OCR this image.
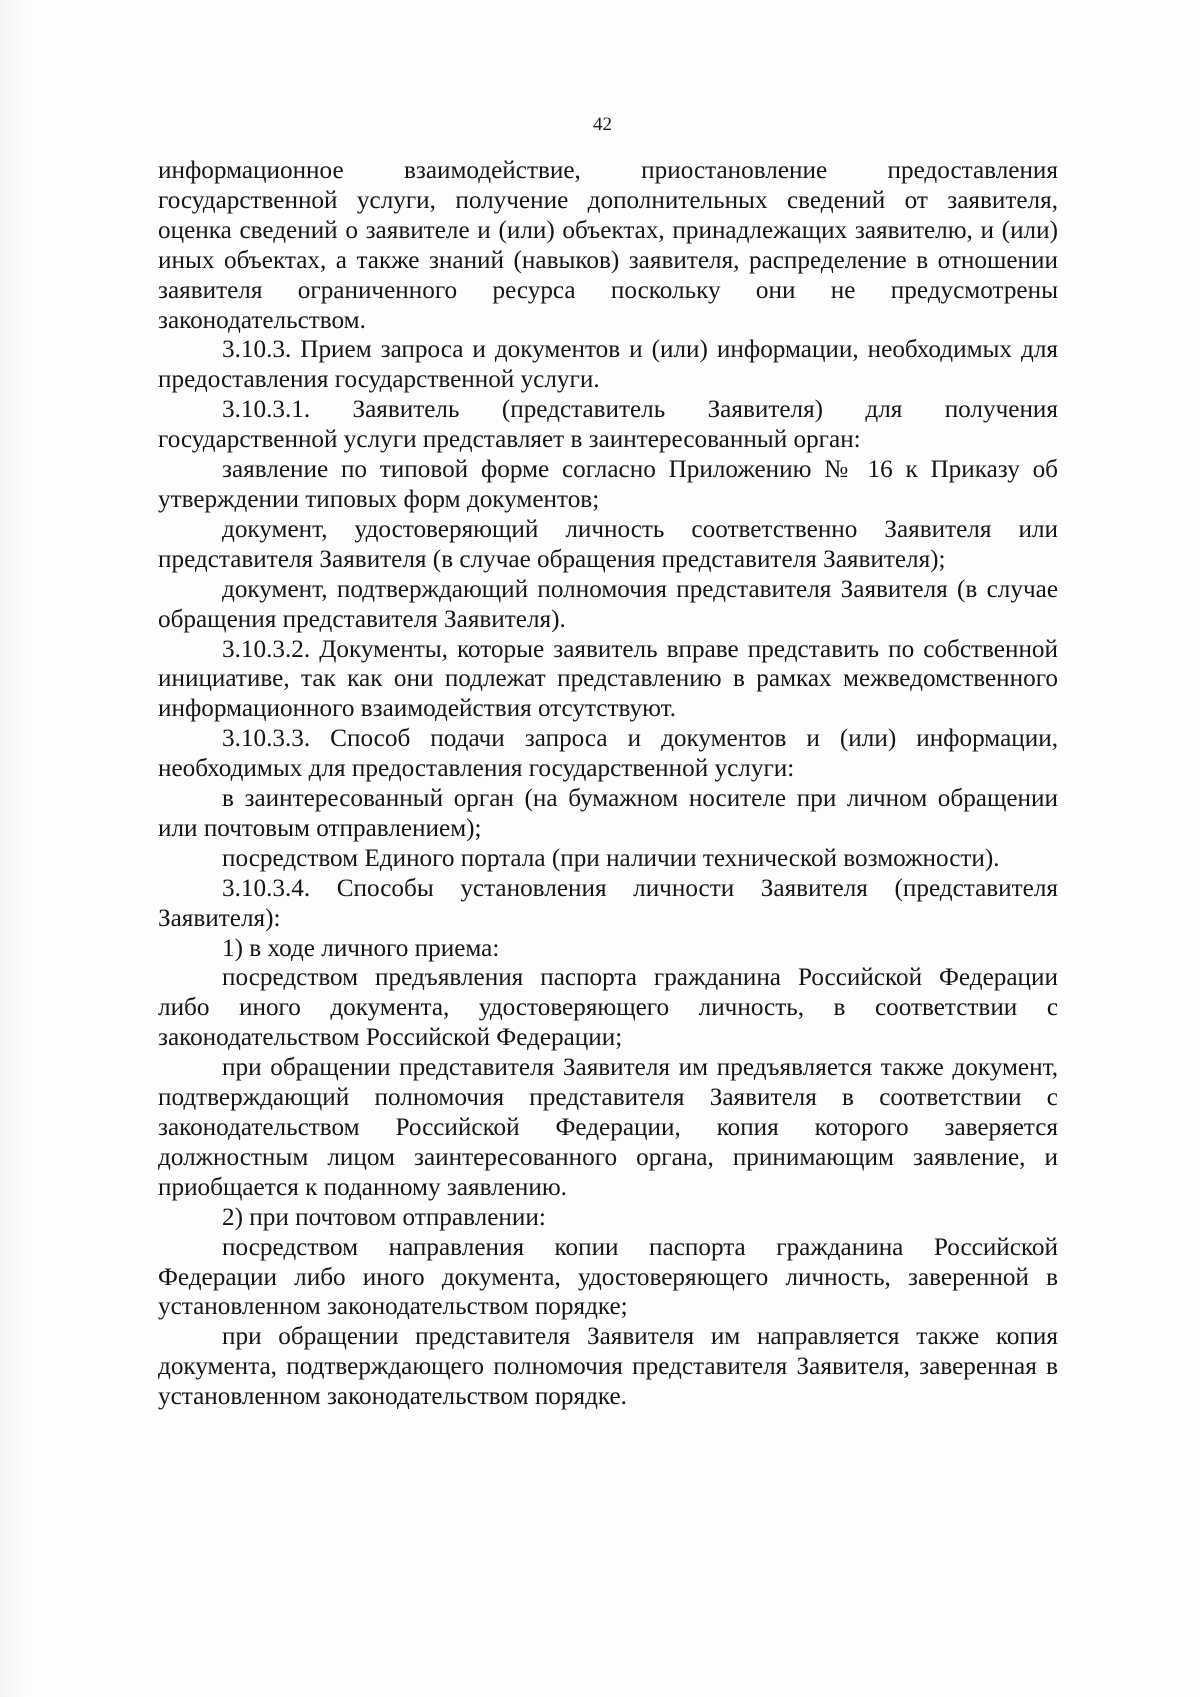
42

информационное взаимодействие, приостановление предоставления государственной услуги, получение дополнительных сведений от заявителя, оценка сведений о заявителе и (или) объектах, принадлежащих заявителю, и (или) иных объектах, а также знаний (навыков) заявителя, распределение в отношении заявителя ограниченного ресурса поскольку они не предусмотрены законодательством.

3.10.3. Прием запроса и документов и (или) информации, необходимых для предоставления государственной услуги.

3.10.3.1. Заявитель (представитель Заявителя) для получения государственной услуги представляет в заинтересованный орган:

заявление по типовой форме согласно Приложению № 16 к Приказу об утверждении типовых форм документов;

документ, удостоверяющий личность соответственно Заявителя или представителя Заявителя (в случае обращения представителя Заявителя);

документ, подтверждающий полномочия представителя Заявителя (в случае обращения представителя Заявителя).

3.10.3.2. Документы, которые заявитель вправе представить по собственной инициативе, так как они подлежат представлению в рамках межведомственного информационного взаимодействия отсутствуют.

3.10.3.3. Способ подачи запроса и документов и (или) информации, необходимых для предоставления государственной услуги:

в заинтересованный орган (на бумажном носителе при личном обращении или почтовым отправлением);

посредством Единого портала (при наличии технической возможности).

3.10.3.4. Способы установления личности Заявителя (представителя Заявителя):

1) в ходе личного приема:

посредством предъявления паспорта гражданина Российской Федерации либо иного документа, удостоверяющего личность, в соответствии с законодательством Российской Федерации;

при обращении представителя Заявителя им предъявляется также документ, подтверждающий полномочия представителя Заявителя в соответствии с законодательством Российской Федерации, копия которого заверяется должностным лицом заинтересованного органа, принимающим заявление, и приобщается к поданному заявлению.

2) при почтовом отправлении:

посредством направления копии паспорта гражданина Российской Федерации либо иного документа, удостоверяющего личность, заверенной в установленном законодательством порядке;

при обращении представителя Заявителя им направляется также копия документа, подтверждающего полномочия представителя Заявителя, заверенная в установленном законодательством порядке.
